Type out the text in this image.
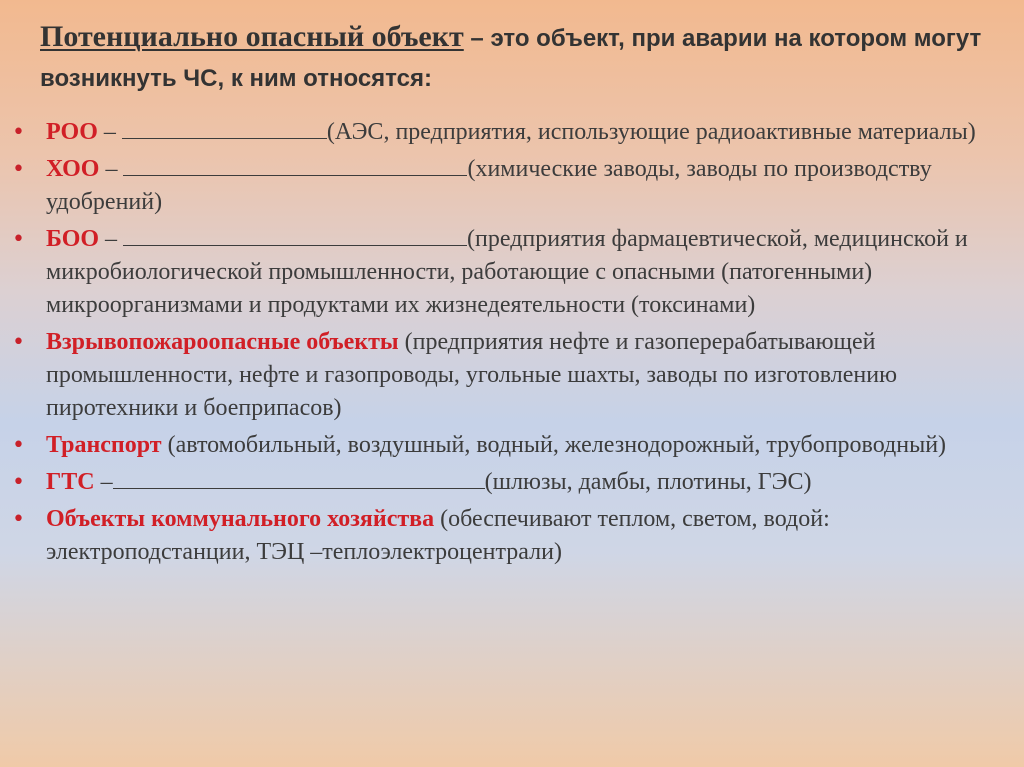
Потенциально опасный объект – это объект, при аварии на котором могут возникнуть ЧС, к ним относятся:
• РОО –	(АЭС, предприятия, использующие радиоактивные материалы)
• ХОО –	(химические заводы, заводы по производству удобрений)
• БОО –	(предприятия фармацевтической, медицинской и микробиологической промышленности, работающие с опасными (патогенными) микроорганизмами и продуктами их жизнедеятельности (токсинами)
• Взрывопожароопасные объекты (предприятия нефте и газоперерабатывающей промышленности, нефте и газопроводы, угольные шахты, заводы по изготовлению пиротехники и боеприпасов)
• Транспорт (автомобильный, воздушный, водный, железнодорожный, трубопроводный)
• ГТС –	(шлюзы, дамбы, плотины, ГЭС)
• Объекты коммунального хозяйства (обеспечивают теплом, светом, водой: электроподстанции, ТЭЦ –теплоэлектроцентрали)
